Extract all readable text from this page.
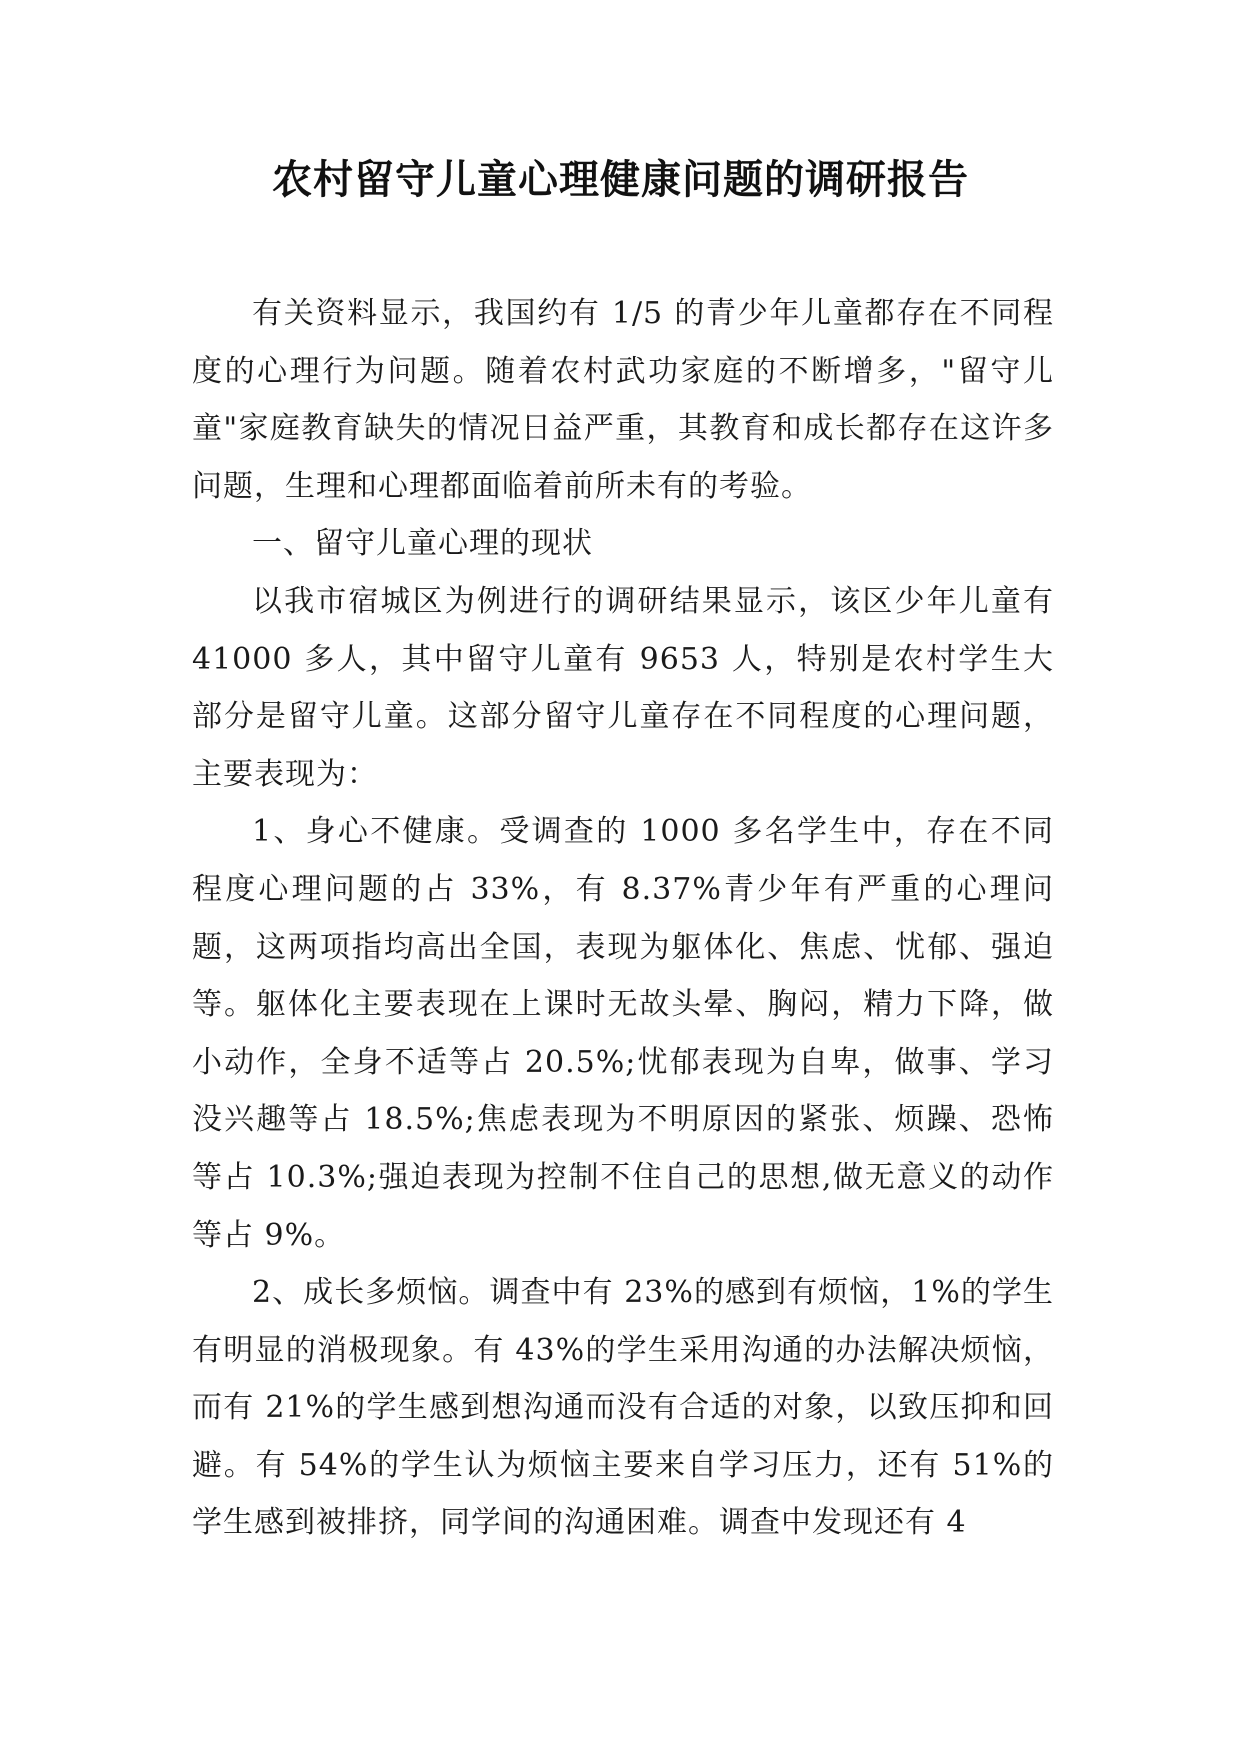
农村留守儿童心理健康问题的调研报告

有关资料显示，我国约有 1/5 的青少年儿童都存在不同程度的心理行为问题。随着农村武功家庭的不断增多，"留守儿童"家庭教育缺失的情况日益严重，其教育和成长都存在这许多问题，生理和心理都面临着前所未有的考验。

一、留守儿童心理的现状

以我市宿城区为例进行的调研结果显示，该区少年儿童有 41000 多人，其中留守儿童有 9653 人，特别是农村学生大部分是留守儿童。这部分留守儿童存在不同程度的心理问题，主要表现为：

1、身心不健康。受调查的 1000 多名学生中，存在不同程度心理问题的占 33%，有 8.37%青少年有严重的心理问题，这两项指均高出全国，表现为躯体化、焦虑、忧郁、强迫等。躯体化主要表现在上课时无故头晕、胸闷，精力下降，做小动作，全身不适等占 20.5%;忧郁表现为自卑，做事、学习没兴趣等占 18.5%;焦虑表现为不明原因的紧张、烦躁、恐怖等占 10.3%;强迫表现为控制不住自己的思想,做无意义的动作等占 9%。

2、成长多烦恼。调查中有 23%的感到有烦恼，1%的学生有明显的消极现象。有 43%的学生采用沟通的办法解决烦恼，而有 21%的学生感到想沟通而没有合适的对象，以致压抑和回避。有 54%的学生认为烦恼主要来自学习压力，还有 51%的学生感到被排挤，同学间的沟通困难。调查中发现还有 4
